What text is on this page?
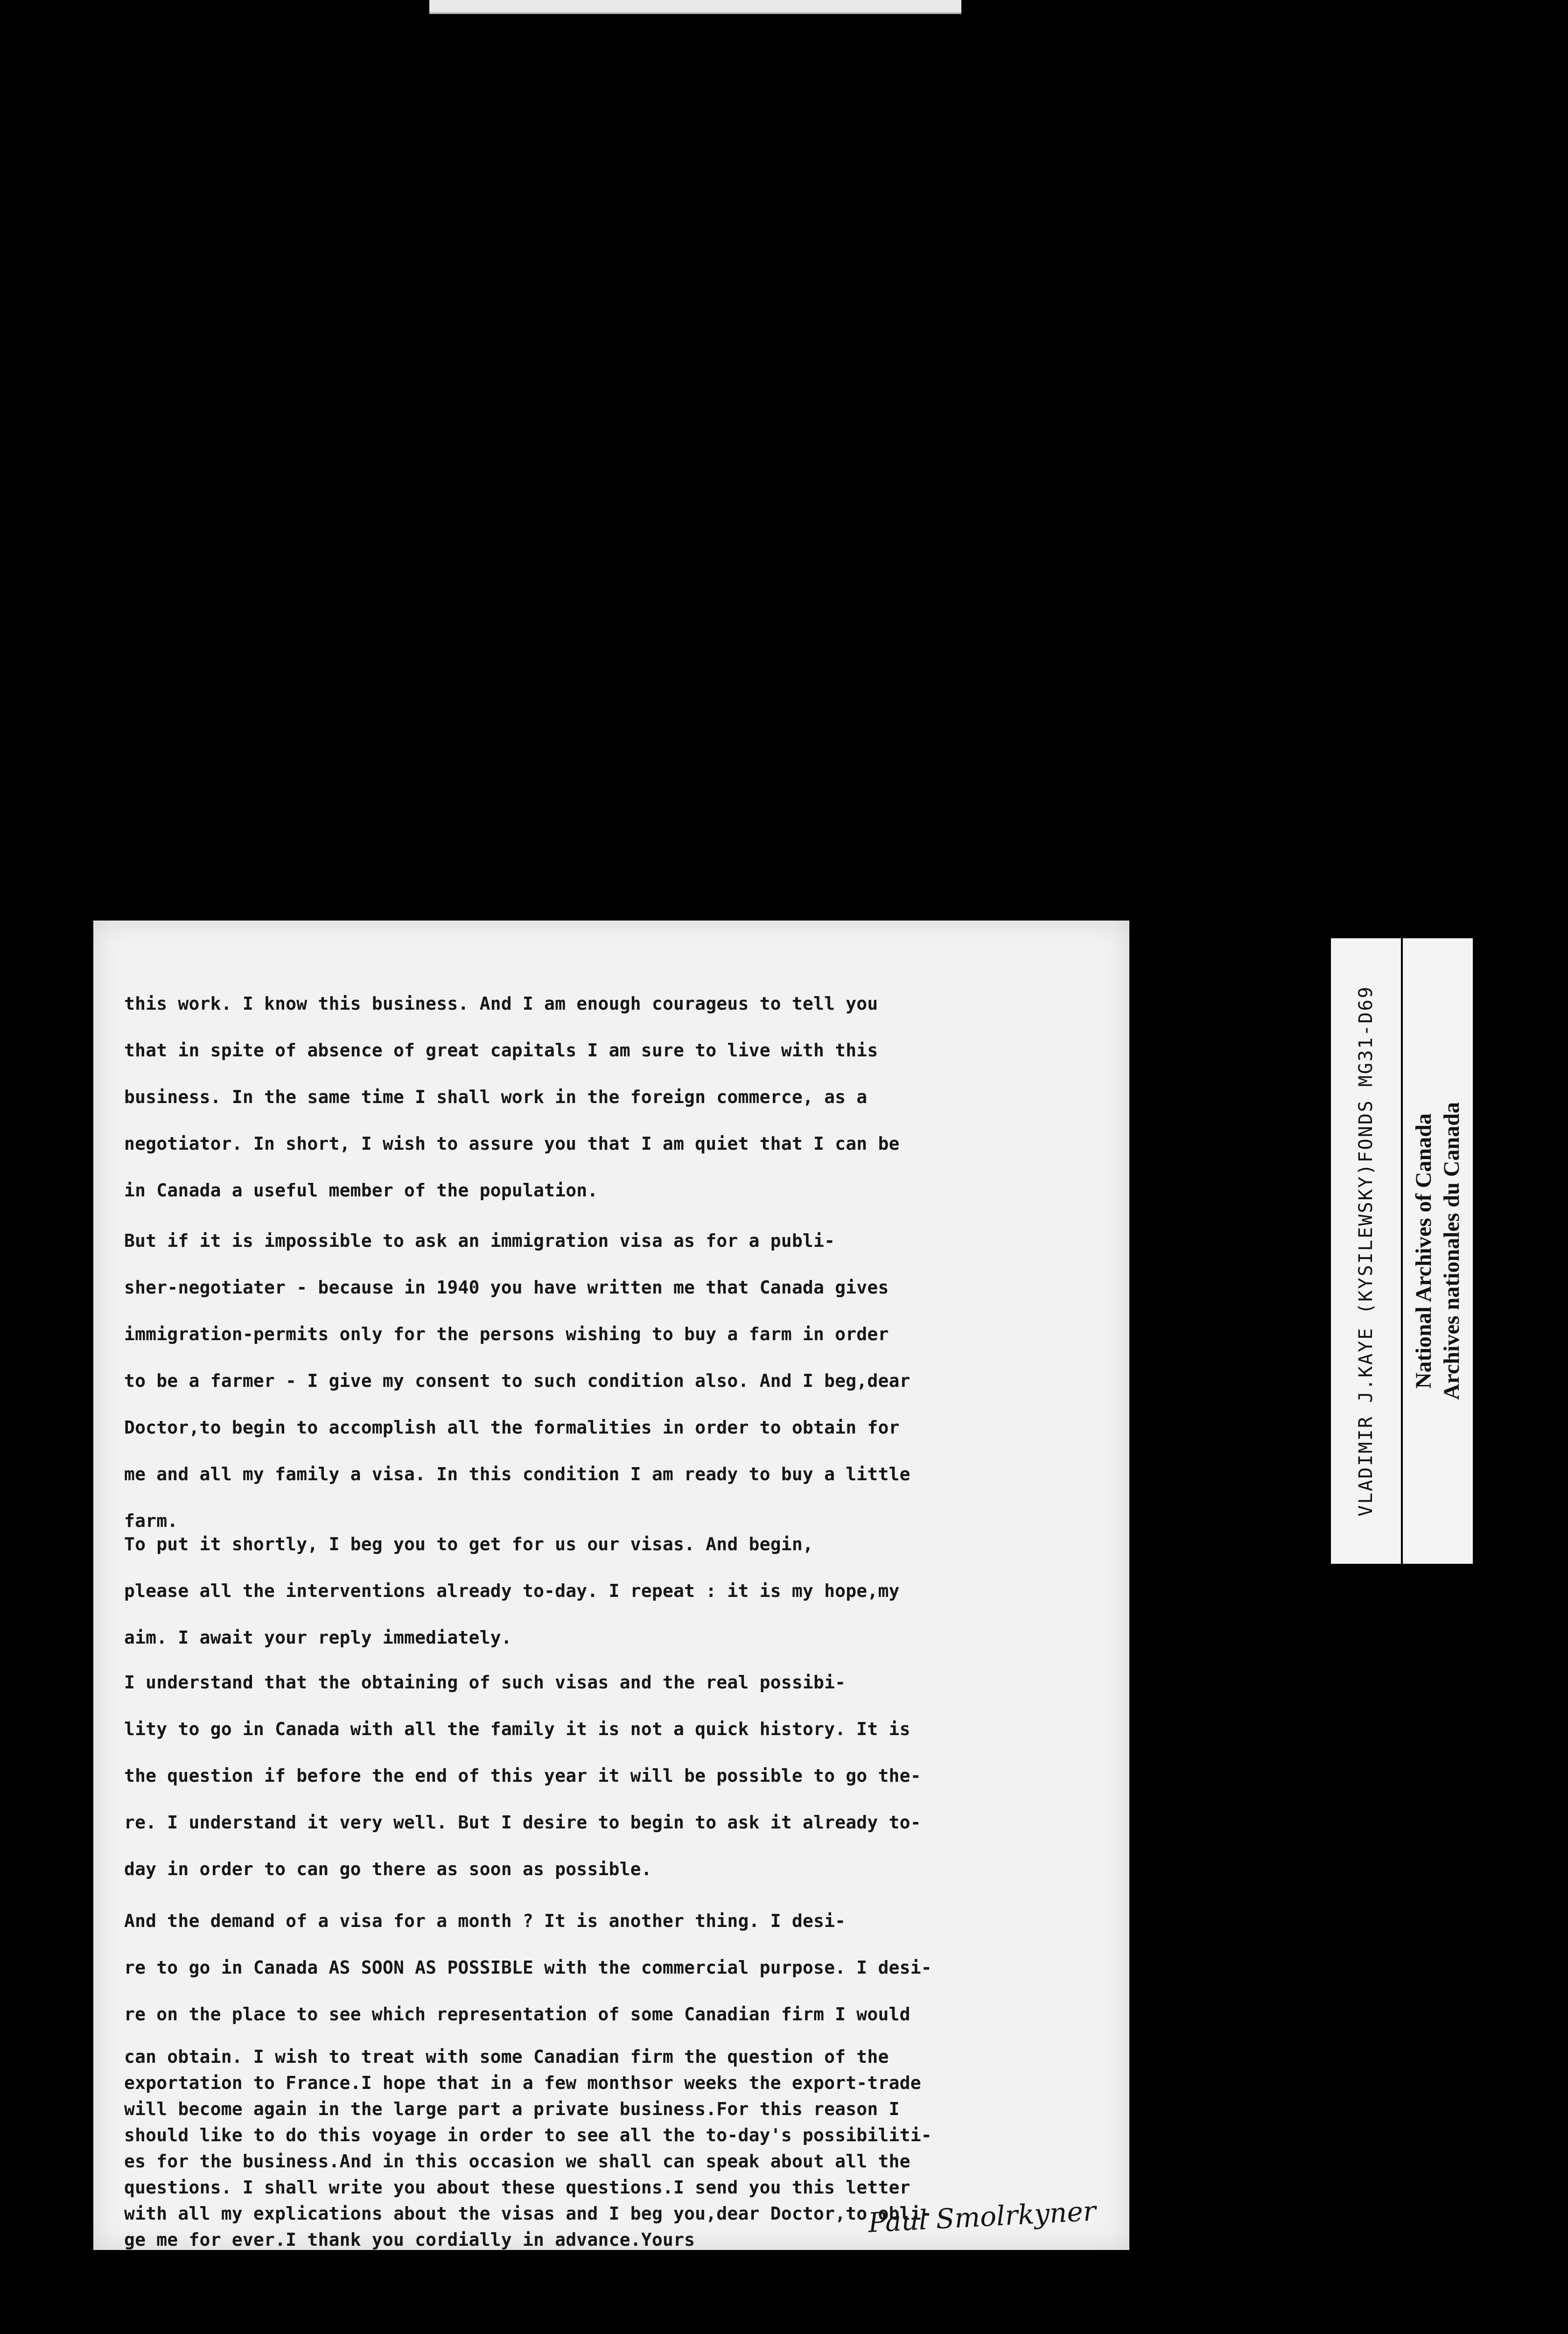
this work. I know this business. And I am enough courageus to tell you
that in spite of absence of great capitals I am sure to live with this
business. In the same time I shall work in the foreign commerce, as a
negotiator. In short, I wish to assure you that I am quiet that I can be
in Canada a useful member of the population.

But if it is impossible to ask an immigration visa as for a publi-
sher-negotiater - because in 1940 you have written me that Canada gives
immigration-permits only for the persons wishing to buy a farm in order
to be a farmer - I give my consent to such condition also. And I beg,dear
Doctor,to begin to accomplish all the formalities in order to obtain for
me and all my family a visa. In this condition I am ready to buy a little
farm.

To put it shortly, I beg you to get for us our visas. And begin,
please all the interventions already to-day. I repeat : it is my hope,my
aim. I await your reply immediately.

I understand that the obtaining of such visas and the real possibi-
lity to go in Canada with all the family it is not a quick history. It is
the question if before the end of this year it will be possible to go the-
re. I understand it very well. But I desire to begin to ask it already to-
day in order to can go there as soon as possible.

And the demand of a visa for a month ? It is another thing. I desi-
re to go in Canada AS SOON AS POSSIBLE with the commercial purpose. I desi-
re on the place to see which representation of some Canadian firm I would

can obtain. I wish to treat with some Canadian firm the question of the
exportation to France.I hope that in a few monthsor weeks the export-trade
will become again in the large part a private business.For this reason I
should like to do this voyage in order to see all the to-day's possibiliti-
es for the business.And in this occasion we shall can speak about all the
questions. I shall write you about these questions.I send you this letter
with all my explications about the visas and I beg you,dear Doctor,to obli-
ge me for ever.I thank you cordially in advance.Yours

Paul Smolrkyner
VLADIMIR J.KAYE (KYSILEWSKY)FONDS MG31-D69 National Archives of Canada Archives nationales du Canada
